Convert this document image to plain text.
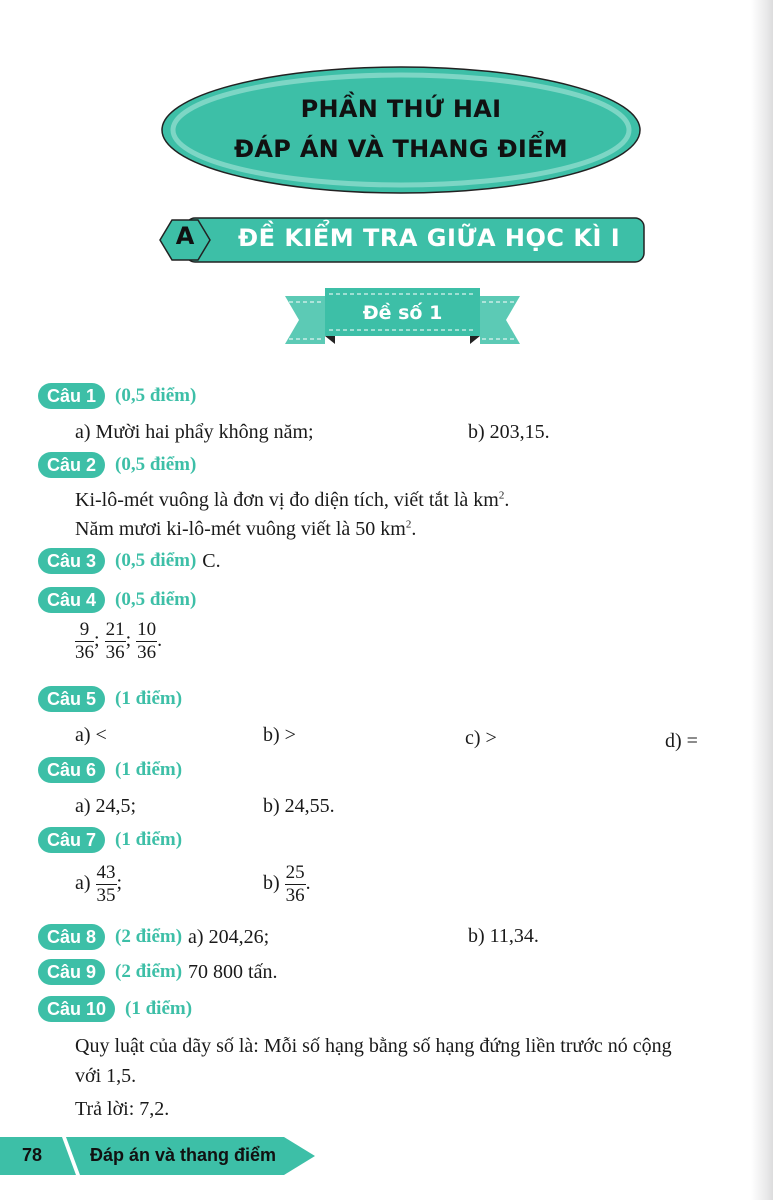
PHẦN THỨ HAI
ĐÁP ÁN VÀ THANG ĐIỂM
A ĐỀ KIỂM TRA GIỮA HỌC KÌ I
Đề số 1
Câu 1	(0,5 điểm)
a) Mười hai phẩy không năm;	b) 203,15.
Câu 2	(0,5 điểm)
Ki-lô-mét vuông là đơn vị đo diện tích, viết tắt là $km^2$.
Năm mươi ki-lô-mét vuông viết là 50 $km^2$.
Câu 3	(0,5 điểm) C.
Câu 4	(0,5 điểm)
$\frac{9}{36}$ ; $\frac{21}{36}$ ; $\frac{10}{36}$ .
Câu 5	(1 điểm)
a) <	b) >	c) >	d) =
Câu 6	(1 điểm)
a) 24,5;	b) 24,55.
Câu 7	(1 điểm)
$a) \frac{43}{35}$ ;	$b) \frac{25}{36}$ .
Câu 8	(2 điểm) a) 204,26;	b) 11,34.
Câu 9	(2 điểm) 70 800 tấn.
Câu 10	(1 điểm)
Quy luật của dãy số là: Mỗi số hạng bằng số hạng đứng liền trước nó cộng
với 1,5.
Trả lời: 7,2.
78	Đáp án và thang điểm
